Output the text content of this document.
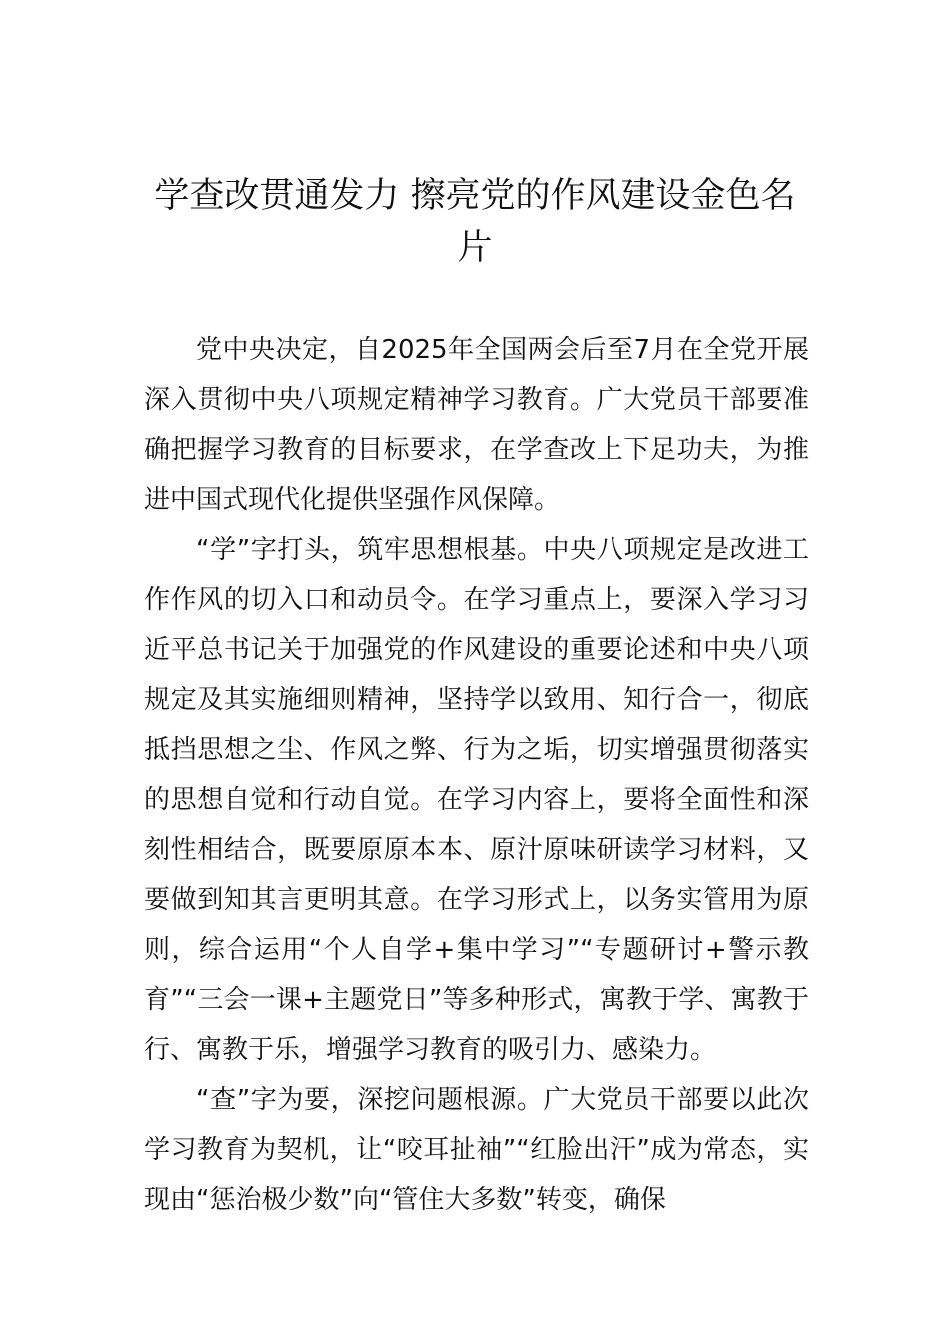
学查改贯通发力 擦亮党的作风建设金色名片

党中央决定，自2025年全国两会后至7月在全党开展深入贯彻中央八项规定精神学习教育。广大党员干部要准确把握学习教育的目标要求，在学查改上下足功夫，为推进中国式现代化提供坚强作风保障。

“学”字打头，筑牢思想根基。中央八项规定是改进工作作风的切入口和动员令。在学习重点上，要深入学习习近平总书记关于加强党的作风建设的重要论述和中央八项规定及其实施细则精神，坚持学以致用、知行合一，彻底抵挡思想之尘、作风之弊、行为之垢，切实增强贯彻落实的思想自觉和行动自觉。在学习内容上，要将全面性和深刻性相结合，既要原原本本、原汁原味研读学习材料，又要做到知其言更明其意。在学习形式上，以务实管用为原则，综合运用“个人自学+集中学习”“专题研讨+警示教育”“三会一课+主题党日”等多种形式，寓教于学、寓教于行、寓教于乐，增强学习教育的吸引力、感染力。

“查”字为要，深挖问题根源。广大党员干部要以此次学习教育为契机，让“咬耳扯袖”“红脸出汗”成为常态，实现由“惩治极少数”向“管住大多数”转变，确保
